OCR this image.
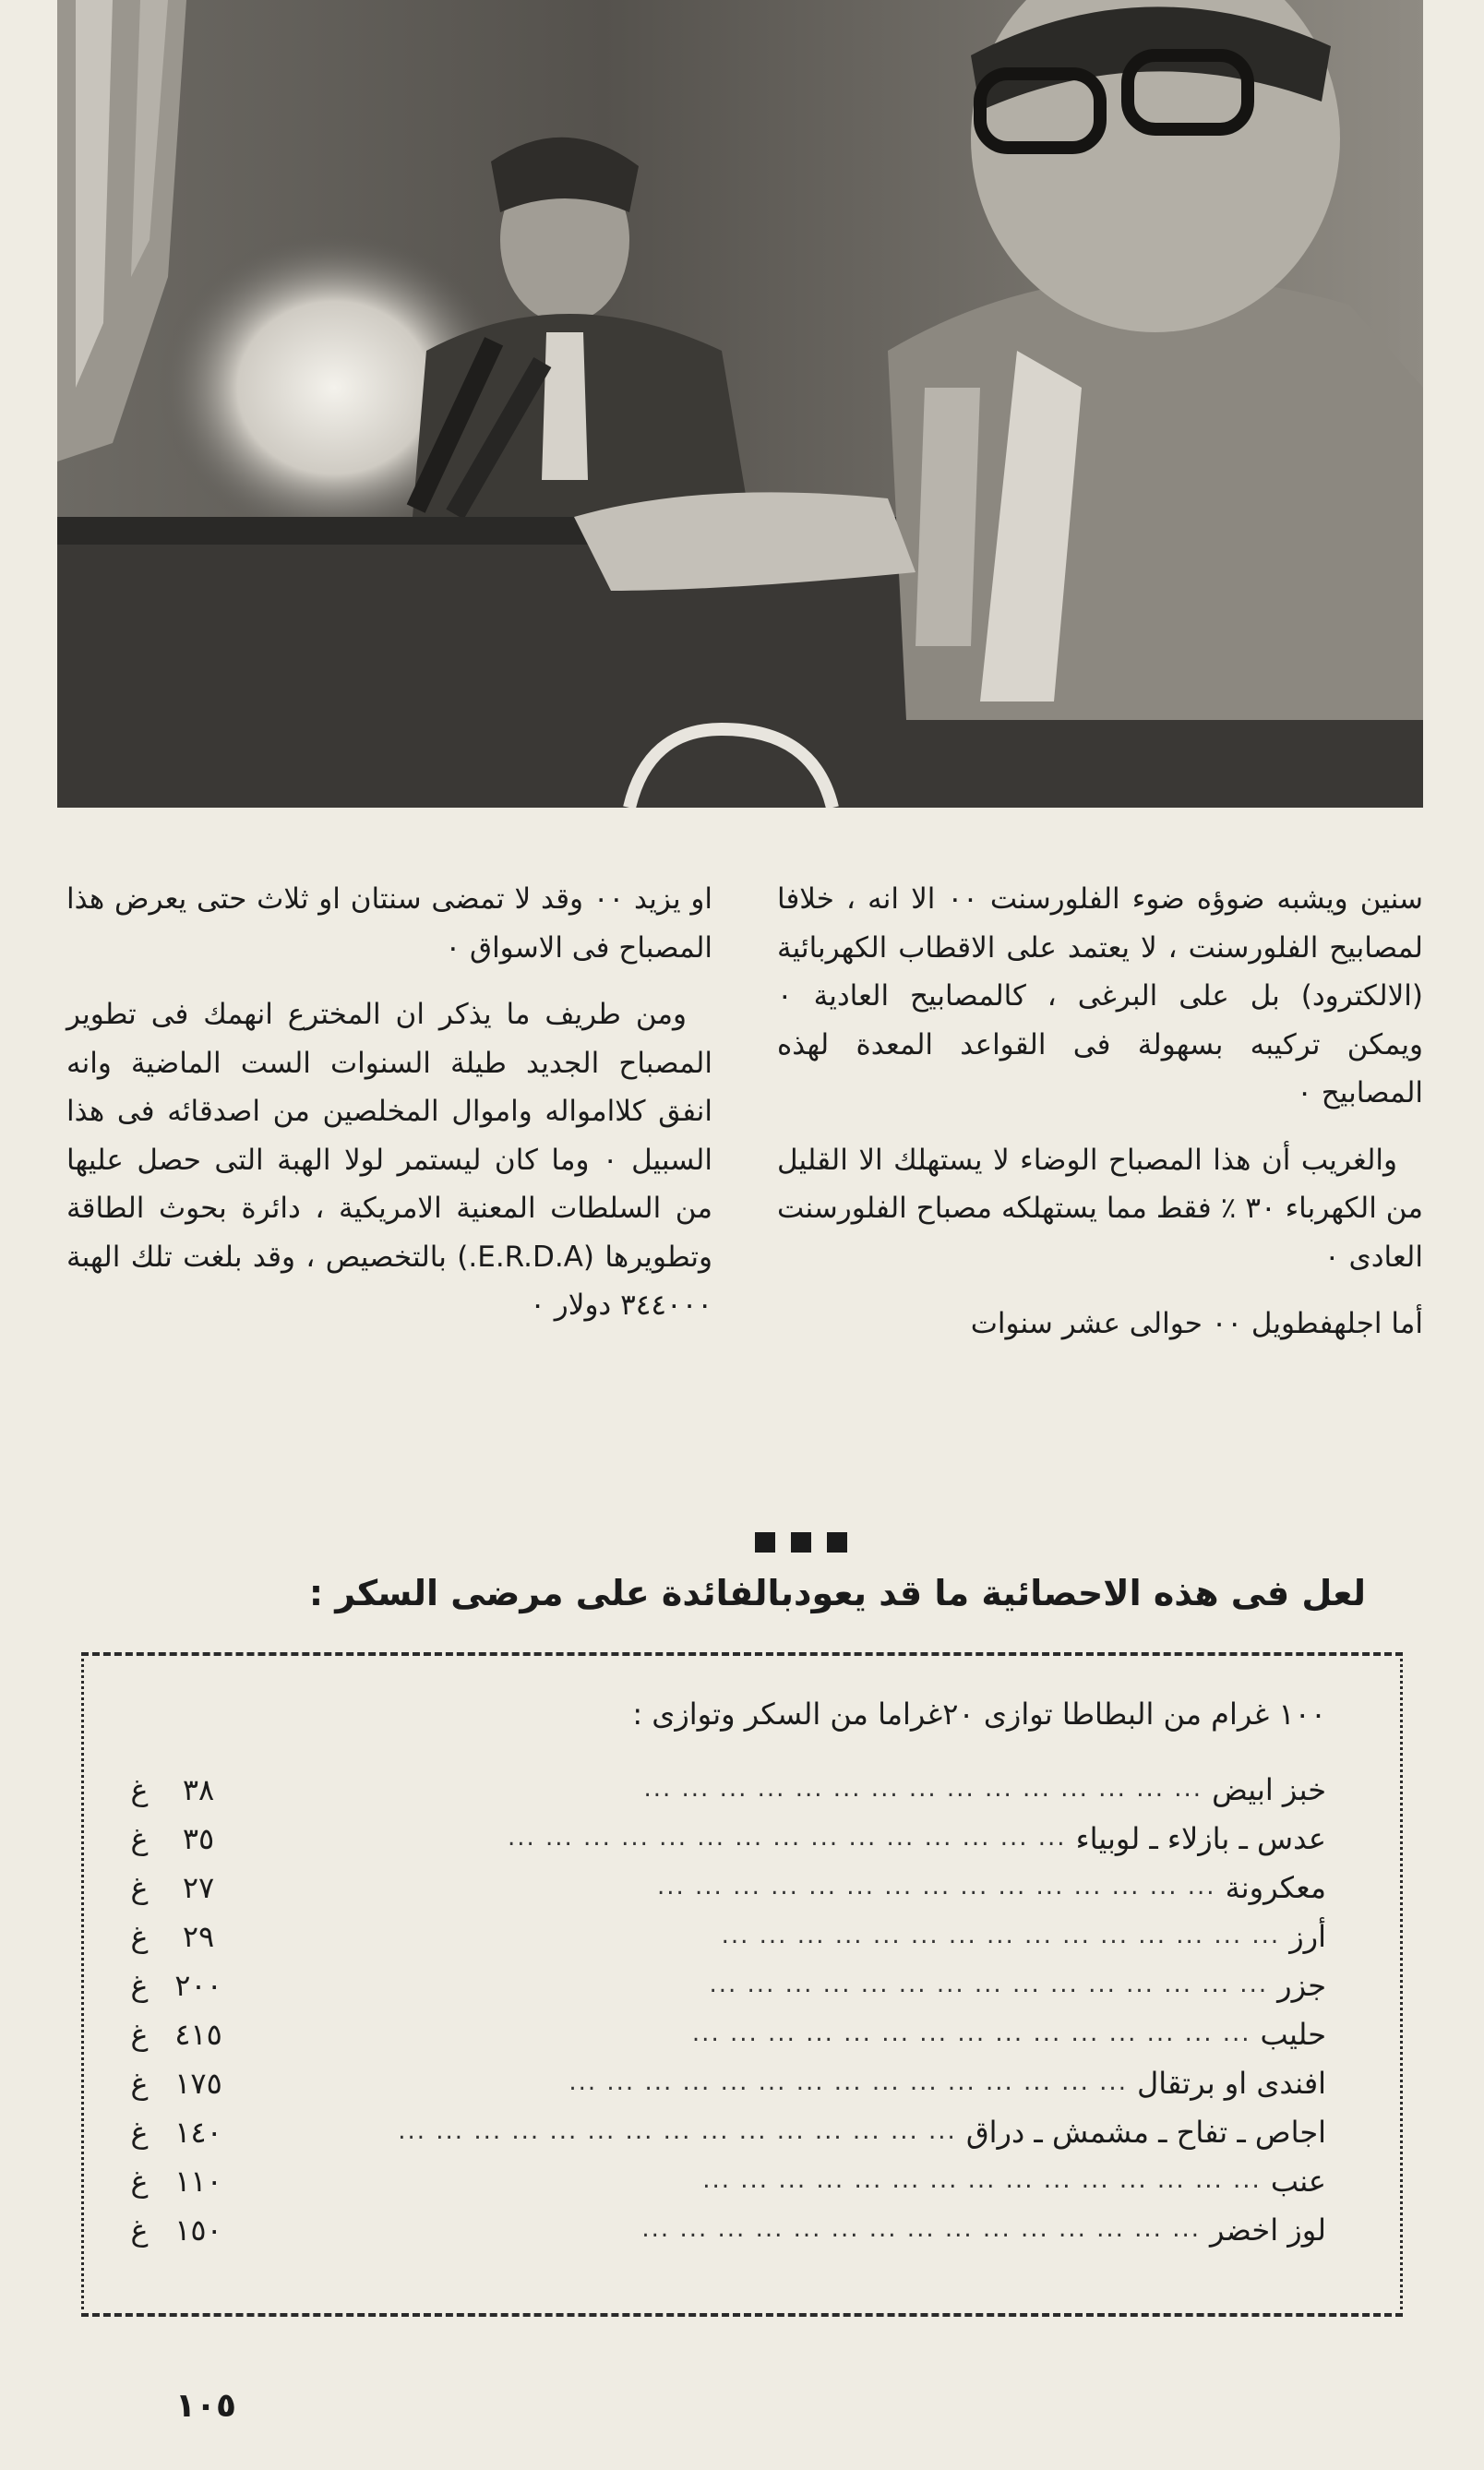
سنين ويشبه ضوؤه ضوء الفلورسنت ٠٠ الا انه ، خلافا لمصابيح الفلورسنت ، لا يعتمد على الاقطاب الكهربائية (الالكترود) بل على البرغى ، كالمصابيح العادية ٠ ويمكن تركيبه بسهولة فى القواعد المعدة لهذه المصابيح ٠

والغريب أن هذا المصباح الوضاء لا يستهلك الا القليل من الكهرباء ٣٠ ٪ فقط مما يستهلكه مصباح الفلورسنت العادى ٠

أما اجلهفطويل ٠٠ حوالى عشر سنوات

او يزيد ٠٠ وقد لا تمضى سنتان او ثلاث حتى يعرض هذا المصباح فى الاسواق ٠

ومن طريف ما يذكر ان المخترع انهمك فى تطوير المصباح الجديد طيلة السنوات الست الماضية وانه انفق كلاامواله واموال المخلصين من اصدقائه فى هذا السبيل ٠ وما كان ليستمر لولا الهبة التى حصل عليها من السلطات المعنية الامريكية ، دائرة بحوث الطاقة وتطويرها (E.R.D.A.) بالتخصيص ، وقد بلغت تلك الهبة ٣٤٤٠٠٠ دولار ٠

لعل فى هذه الاحصائية ما قد يعودبالفائدة على مرضى السكر :
١٠٠ غرام من البطاطا توازى ٢٠غراما من السكر وتوازى :
خبز ابيض
... ... ... ... ... ... ... ... ... ... ... ... ... ... ...
٣٨
غ
عدس ـ بازلاء ـ لوبياء
... ... ... ... ... ... ... ... ... ... ... ... ... ... ...
٣٥
غ
معكرونة
... ... ... ... ... ... ... ... ... ... ... ... ... ... ...
٢٧
غ
أرز
... ... ... ... ... ... ... ... ... ... ... ... ... ... ...
٢٩
غ
جزر
... ... ... ... ... ... ... ... ... ... ... ... ... ... ...
٢٠٠
غ
حليب
... ... ... ... ... ... ... ... ... ... ... ... ... ... ...
٤١٥
غ
افندى او برتقال
... ... ... ... ... ... ... ... ... ... ... ... ... ... ...
١٧٥
غ
اجاص ـ تفاح ـ مشمش ـ دراق
... ... ... ... ... ... ... ... ... ... ... ... ... ... ...
١٤٠
غ
عنب
... ... ... ... ... ... ... ... ... ... ... ... ... ... ...
١١٠
غ
لوز اخضر
... ... ... ... ... ... ... ... ... ... ... ... ... ... ...
١٥٠
غ
١٠٥
